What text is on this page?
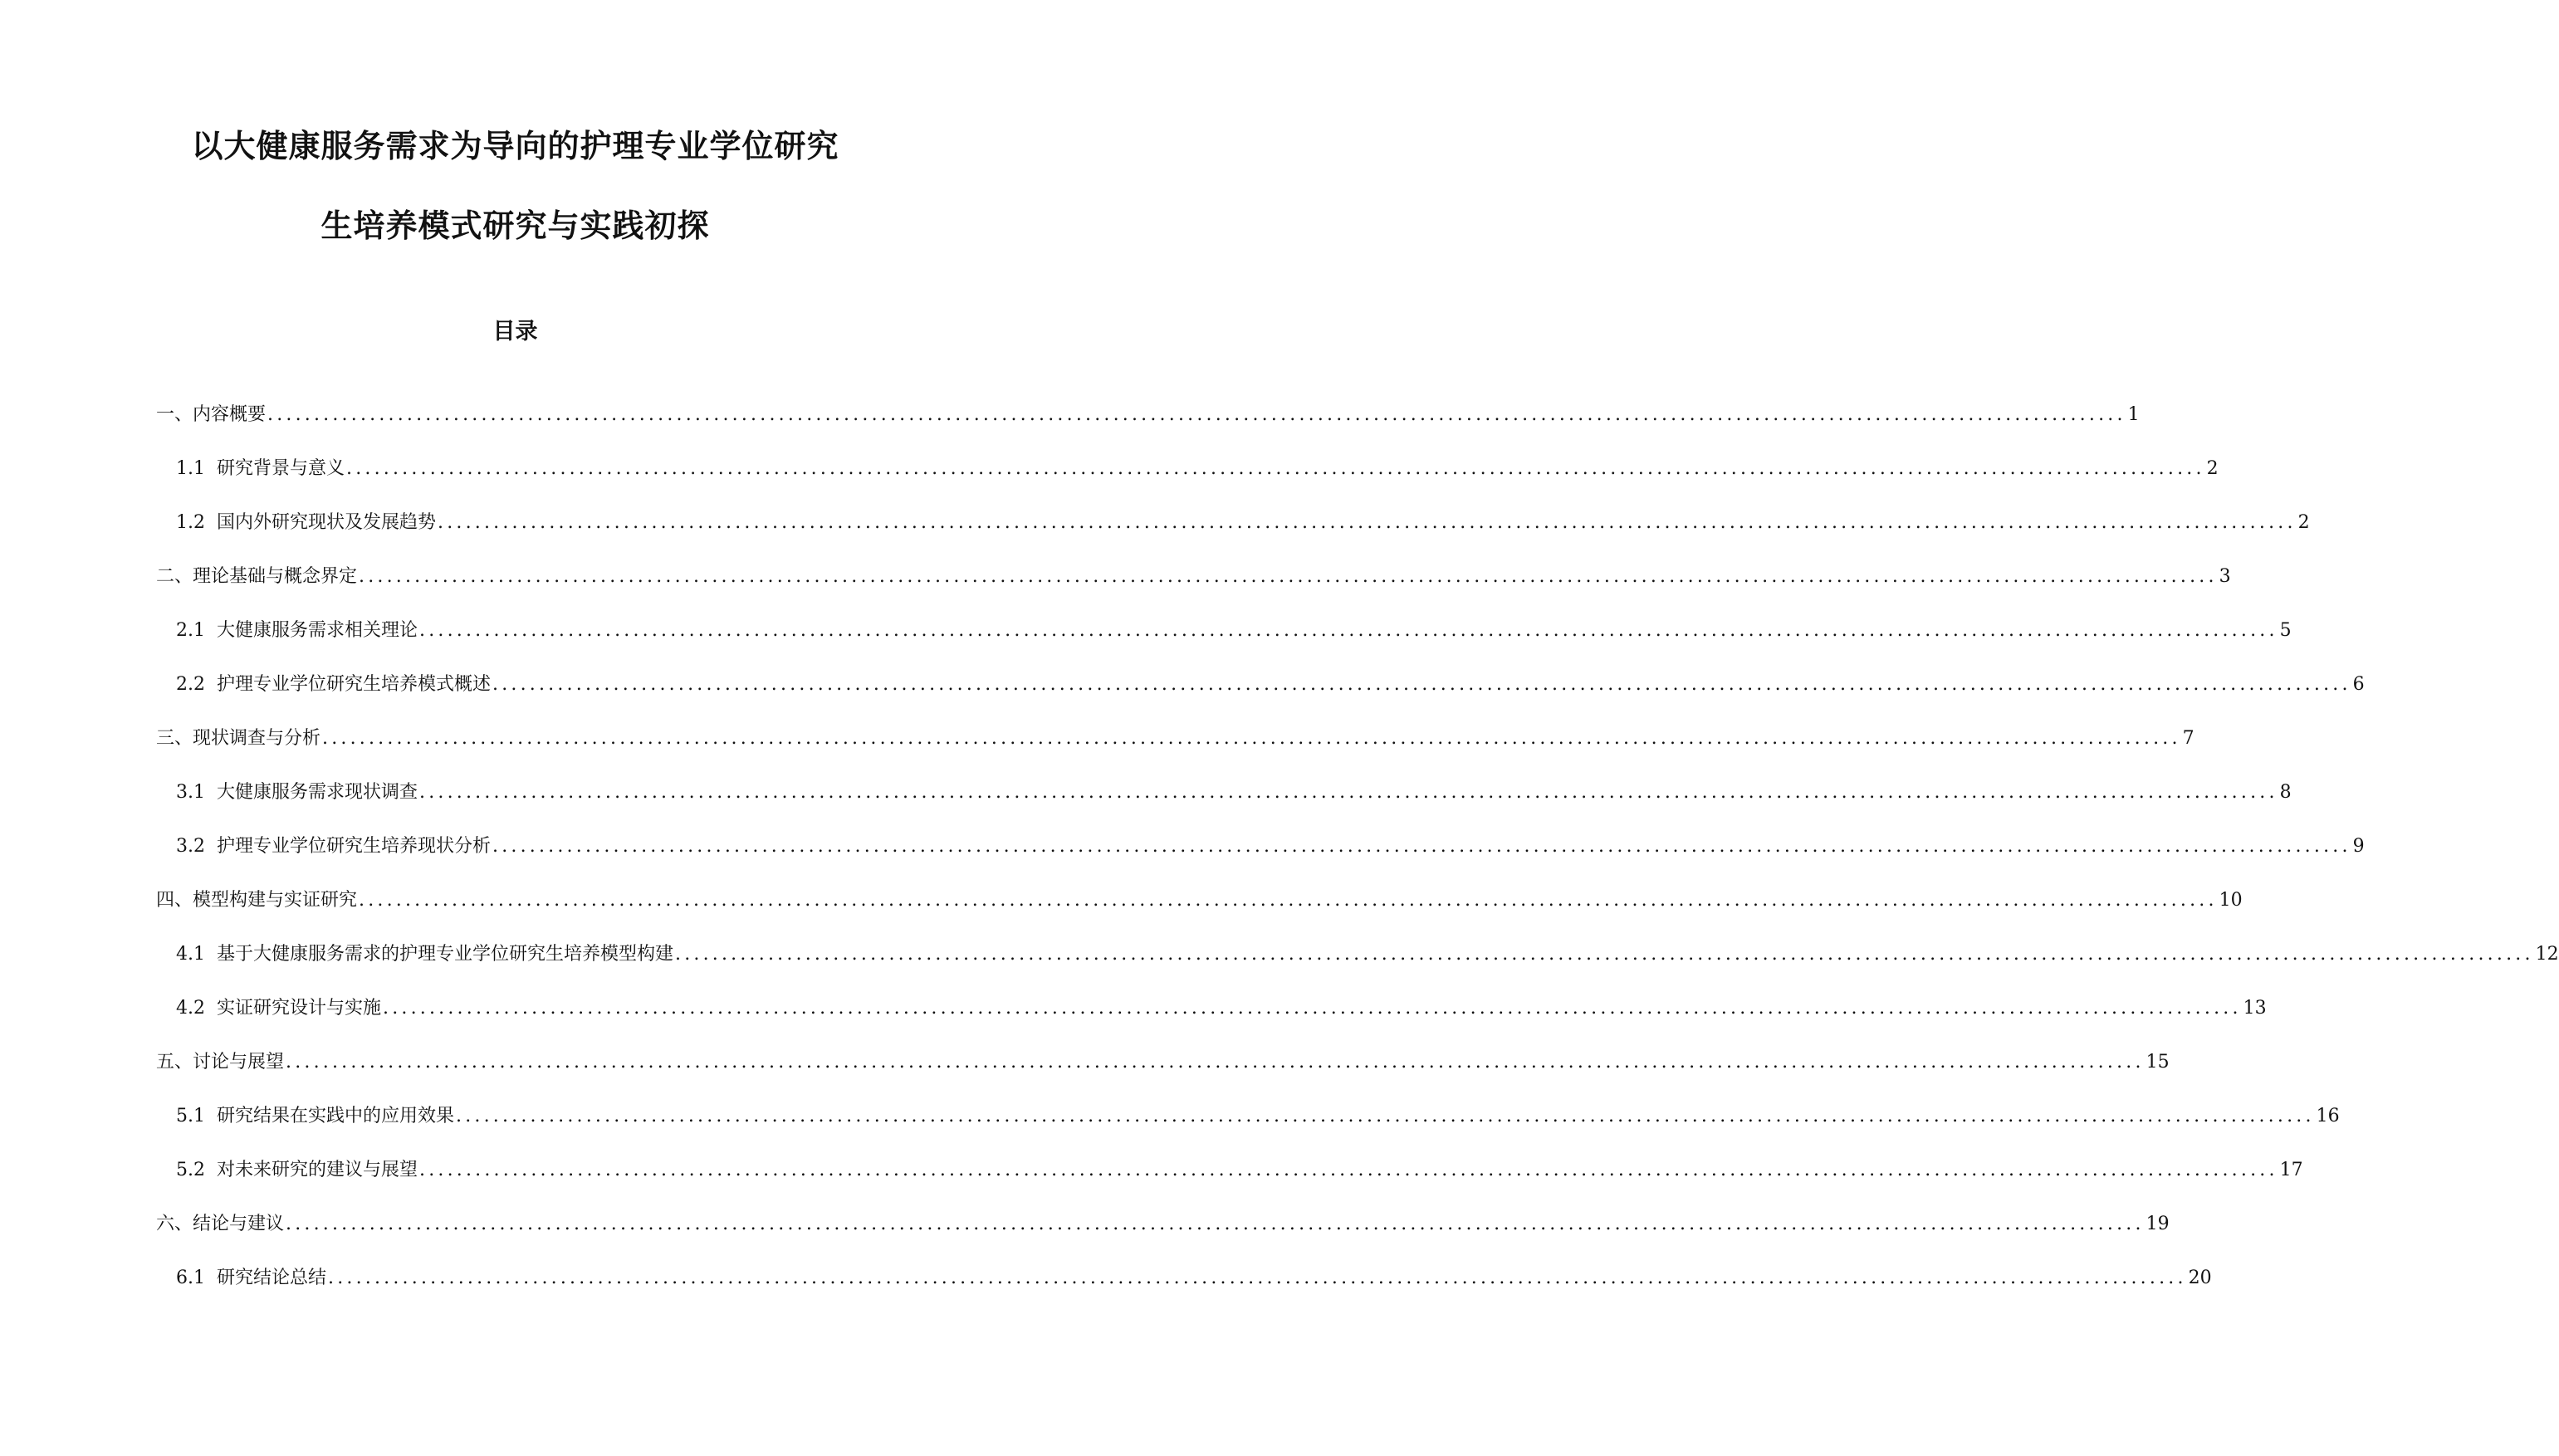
以大健康服务需求为导向的护理专业学位研究
生培养模式研究与实践初探
目录
一、内容概要 ........................................................................................................................................................................................................ 1
1.1 研究背景与意义 ........................................................................................................................................................................................................ 2
1.2 国内外研究现状及发展趋势 ........................................................................................................................................................................................................ 2
二、理论基础与概念界定 ........................................................................................................................................................................................................ 3
2.1 大健康服务需求相关理论 ........................................................................................................................................................................................................ 5
2.2 护理专业学位研究生培养模式概述 ........................................................................................................................................................................................................ 6
三、现状调查与分析 ........................................................................................................................................................................................................ 7
3.1 大健康服务需求现状调查 ........................................................................................................................................................................................................ 8
3.2 护理专业学位研究生培养现状分析 ........................................................................................................................................................................................................ 9
四、模型构建与实证研究 ........................................................................................................................................................................................................ 10
4.1 基于大健康服务需求的护理专业学位研究生培养模型构建 ........................................................................................................................................................................................................ 12
4.2 实证研究设计与实施 ........................................................................................................................................................................................................ 13
五、讨论与展望 ........................................................................................................................................................................................................ 15
5.1 研究结果在实践中的应用效果 ........................................................................................................................................................................................................ 16
5.2 对未来研究的建议与展望 ........................................................................................................................................................................................................ 17
六、结论与建议 ........................................................................................................................................................................................................ 19
6.1 研究结论总结 ........................................................................................................................................................................................................ 20
